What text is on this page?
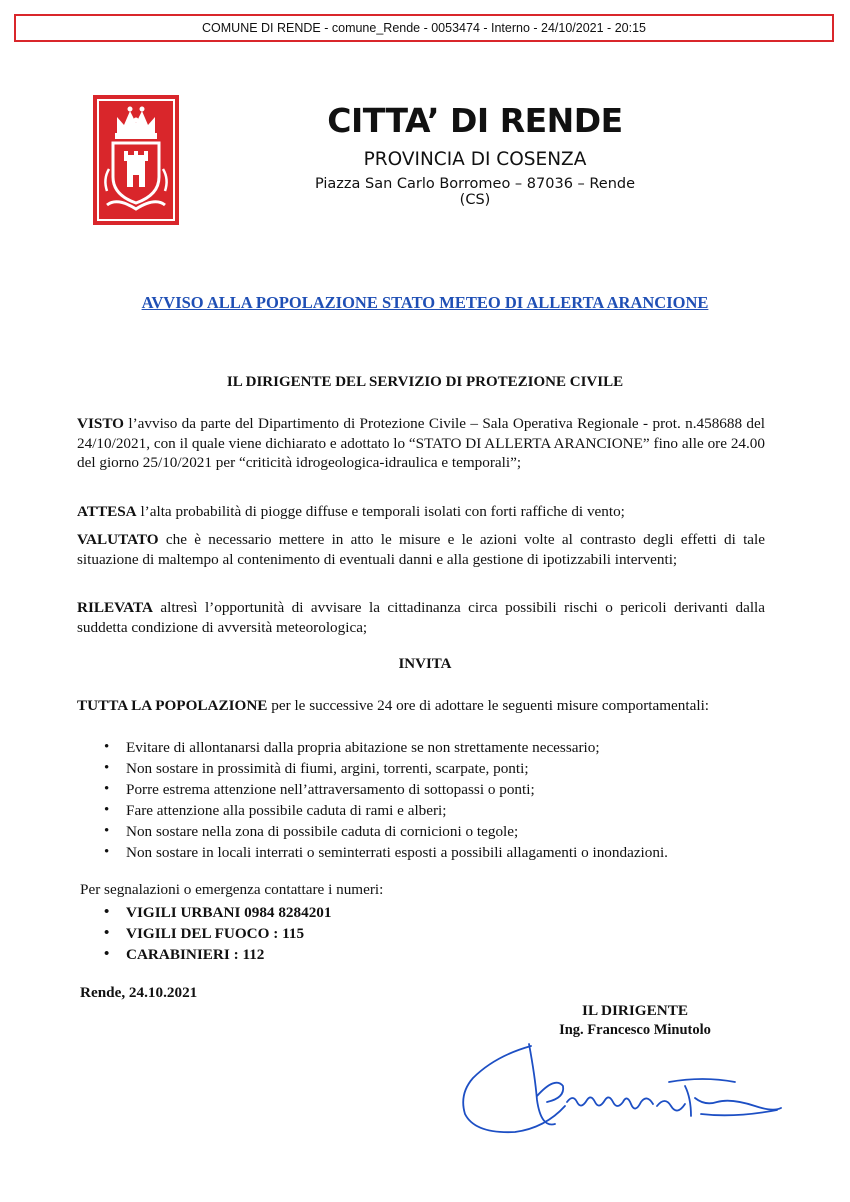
COMUNE DI RENDE - comune_Rende - 0053474 - Interno - 24/10/2021 - 20:15
CITTA’ DI RENDE
PROVINCIA DI COSENZA
Piazza San Carlo Borromeo – 87036 – Rende (CS)
AVVISO ALLA POPOLAZIONE STATO METEO DI ALLERTA ARANCIONE
IL DIRIGENTE DEL SERVIZIO DI PROTEZIONE CIVILE

VISTO l’avviso da parte del Dipartimento di Protezione Civile – Sala Operativa Regionale - prot. n.458688 del 24/10/2021, con il quale viene dichiarato e adottato lo “STATO DI ALLERTA ARANCIONE” fino alle ore 24.00 del giorno 25/10/2021 per “criticità idrogeologica-idraulica e temporali”;

ATTESA l’alta probabilità di piogge diffuse e temporali isolati con forti raffiche di vento;

VALUTATO che è necessario mettere in atto le misure e le azioni volte al contrasto degli effetti di tale situazione di maltempo al contenimento di eventuali danni e alla gestione di ipotizzabili interventi;

RILEVATA altresì l’opportunità di avvisare la cittadinanza circa possibili rischi o pericoli derivanti dalla suddetta condizione di avversità meteorologica;

INVITA

TUTTA LA POPOLAZIONE per le successive 24 ore di adottare le seguenti misure comportamentali:

• Evitare di allontanarsi dalla propria abitazione se non strettamente necessario;
• Non sostare in prossimità di fiumi, argini, torrenti, scarpate, ponti;
• Porre estrema attenzione nell’attraversamento di sottopassi o ponti;
• Fare attenzione alla possibile caduta di rami e alberi;
• Non sostare nella zona di possibile caduta di cornicioni o tegole;
• Non sostare in locali interrati o seminterrati esposti a possibili allagamenti o inondazioni.
Per segnalazioni o emergenza contattare i numeri:
• VIGILI URBANI 0984 8284201
• VIGILI DEL FUOCO : 115
• CARABINIERI : 112
Rende, 24.10.2021
IL DIRIGENTE
Ing. Francesco Minutolo
